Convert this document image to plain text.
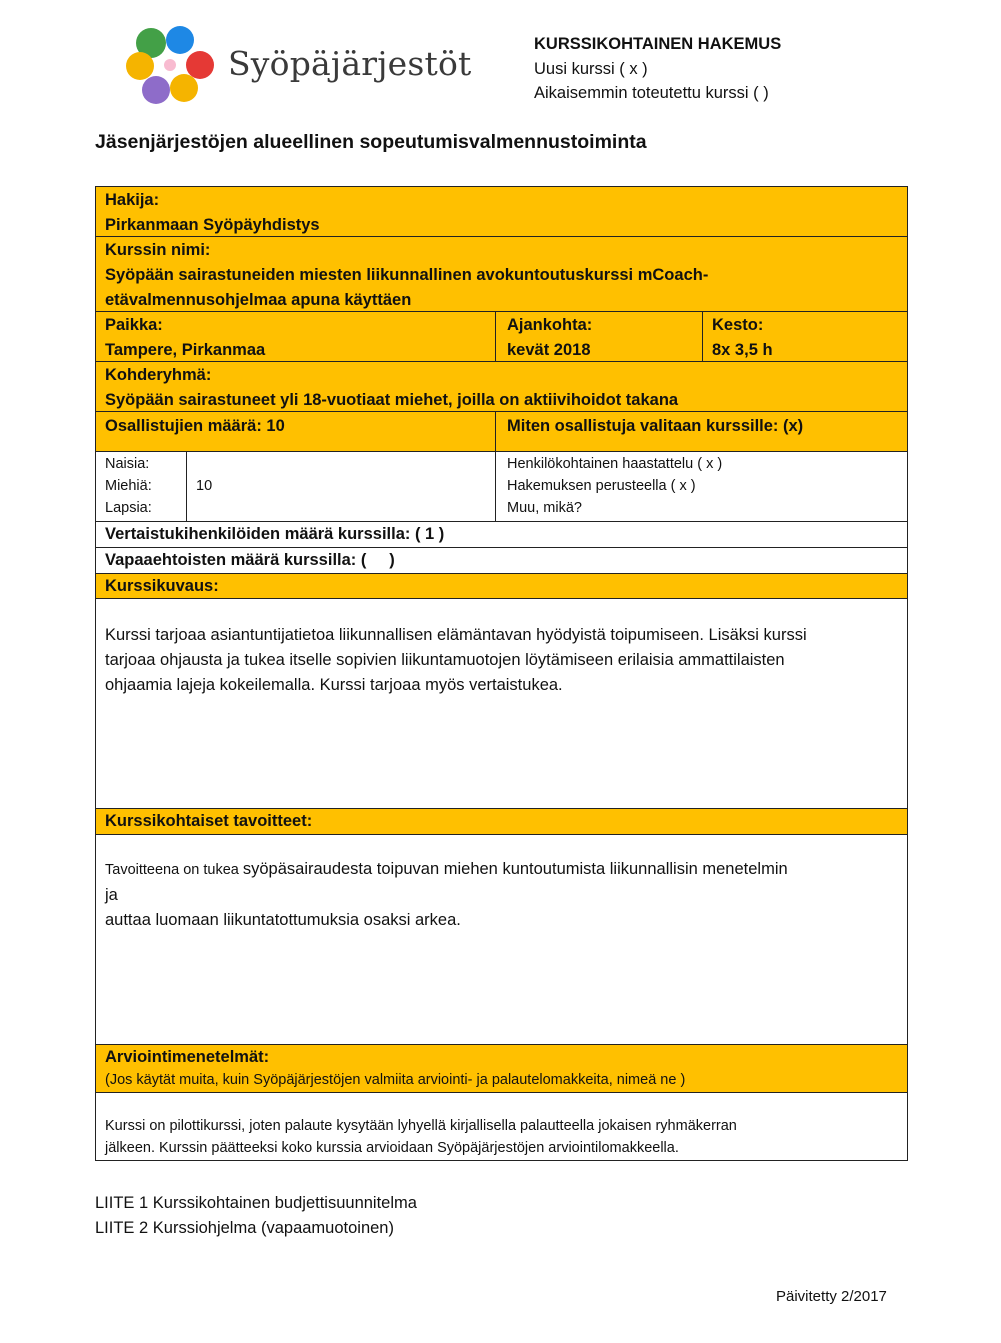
Syöpäjärjestöt	KURSSIKOHTAINEN HAKEMUS
Uusi kurssi ( x )
Aikaisemmin toteutettu kurssi ( )
Jäsenjärjestöjen alueellinen sopeutumisvalmennustoiminta
Hakija:
Pirkanmaan Syöpäyhdistys
Kurssin nimi:
Syöpään sairastuneiden miesten liikunnallinen avokuntoutuskurssi mCoach-
etävalmennusohjelmaa apuna käyttäen
Paikka:
Tampere, Pirkanmaa
Ajankohta:
kevät 2018
Kesto:
8x 3,5 h
Kohderyhmä:
Syöpään sairastuneet yli 18-vuotiaat miehet, joilla on aktiivihoidot takana
Osallistujien määrä: 10	Miten osallistuja valitaan kurssille: (x)
Naisia:
Miehiä:
Lapsia:
10
Henkilökohtainen haastattelu ( x )
Hakemuksen perusteella ( x )
Muu, mikä?
Vertaistukihenkilöiden määrä kurssilla: ( 1 )
Vapaaehtoisten määrä kurssilla: (     )
Kurssikuvaus:
Kurssi tarjoaa asiantuntijatietoa liikunnallisen elämäntavan hyödyistä toipumiseen. Lisäksi kurssi
tarjoaa ohjausta ja tukea itselle sopivien liikuntamuotojen löytämiseen erilaisia ammattilaisten
ohjaamia lajeja kokeilemalla. Kurssi tarjoaa myös vertaistukea.
Kurssikohtaiset tavoitteet:
Tavoitteena on tukea syöpäsairaudesta toipuvan miehen kuntoutumista liikunnallisin menetelmin
ja
auttaa luomaan liikuntatottumuksia osaksi arkea.
Arviointimenetelmät:
(Jos käytät muita, kuin Syöpäjärjestöjen valmiita arviointi- ja palautelomakkeita, nimeä ne )
Kurssi on pilottikurssi, joten palaute kysytään lyhyellä kirjallisella palautteella jokaisen ryhmäkerran
jälkeen. Kurssin päätteeksi koko kurssia arvioidaan Syöpäjärjestöjen arviointilomakkeella.
LIITE 1 Kurssikohtainen budjettisuunnitelma
LIITE 2 Kurssiohjelma (vapaamuotoinen)
Päivitetty 2/2017
